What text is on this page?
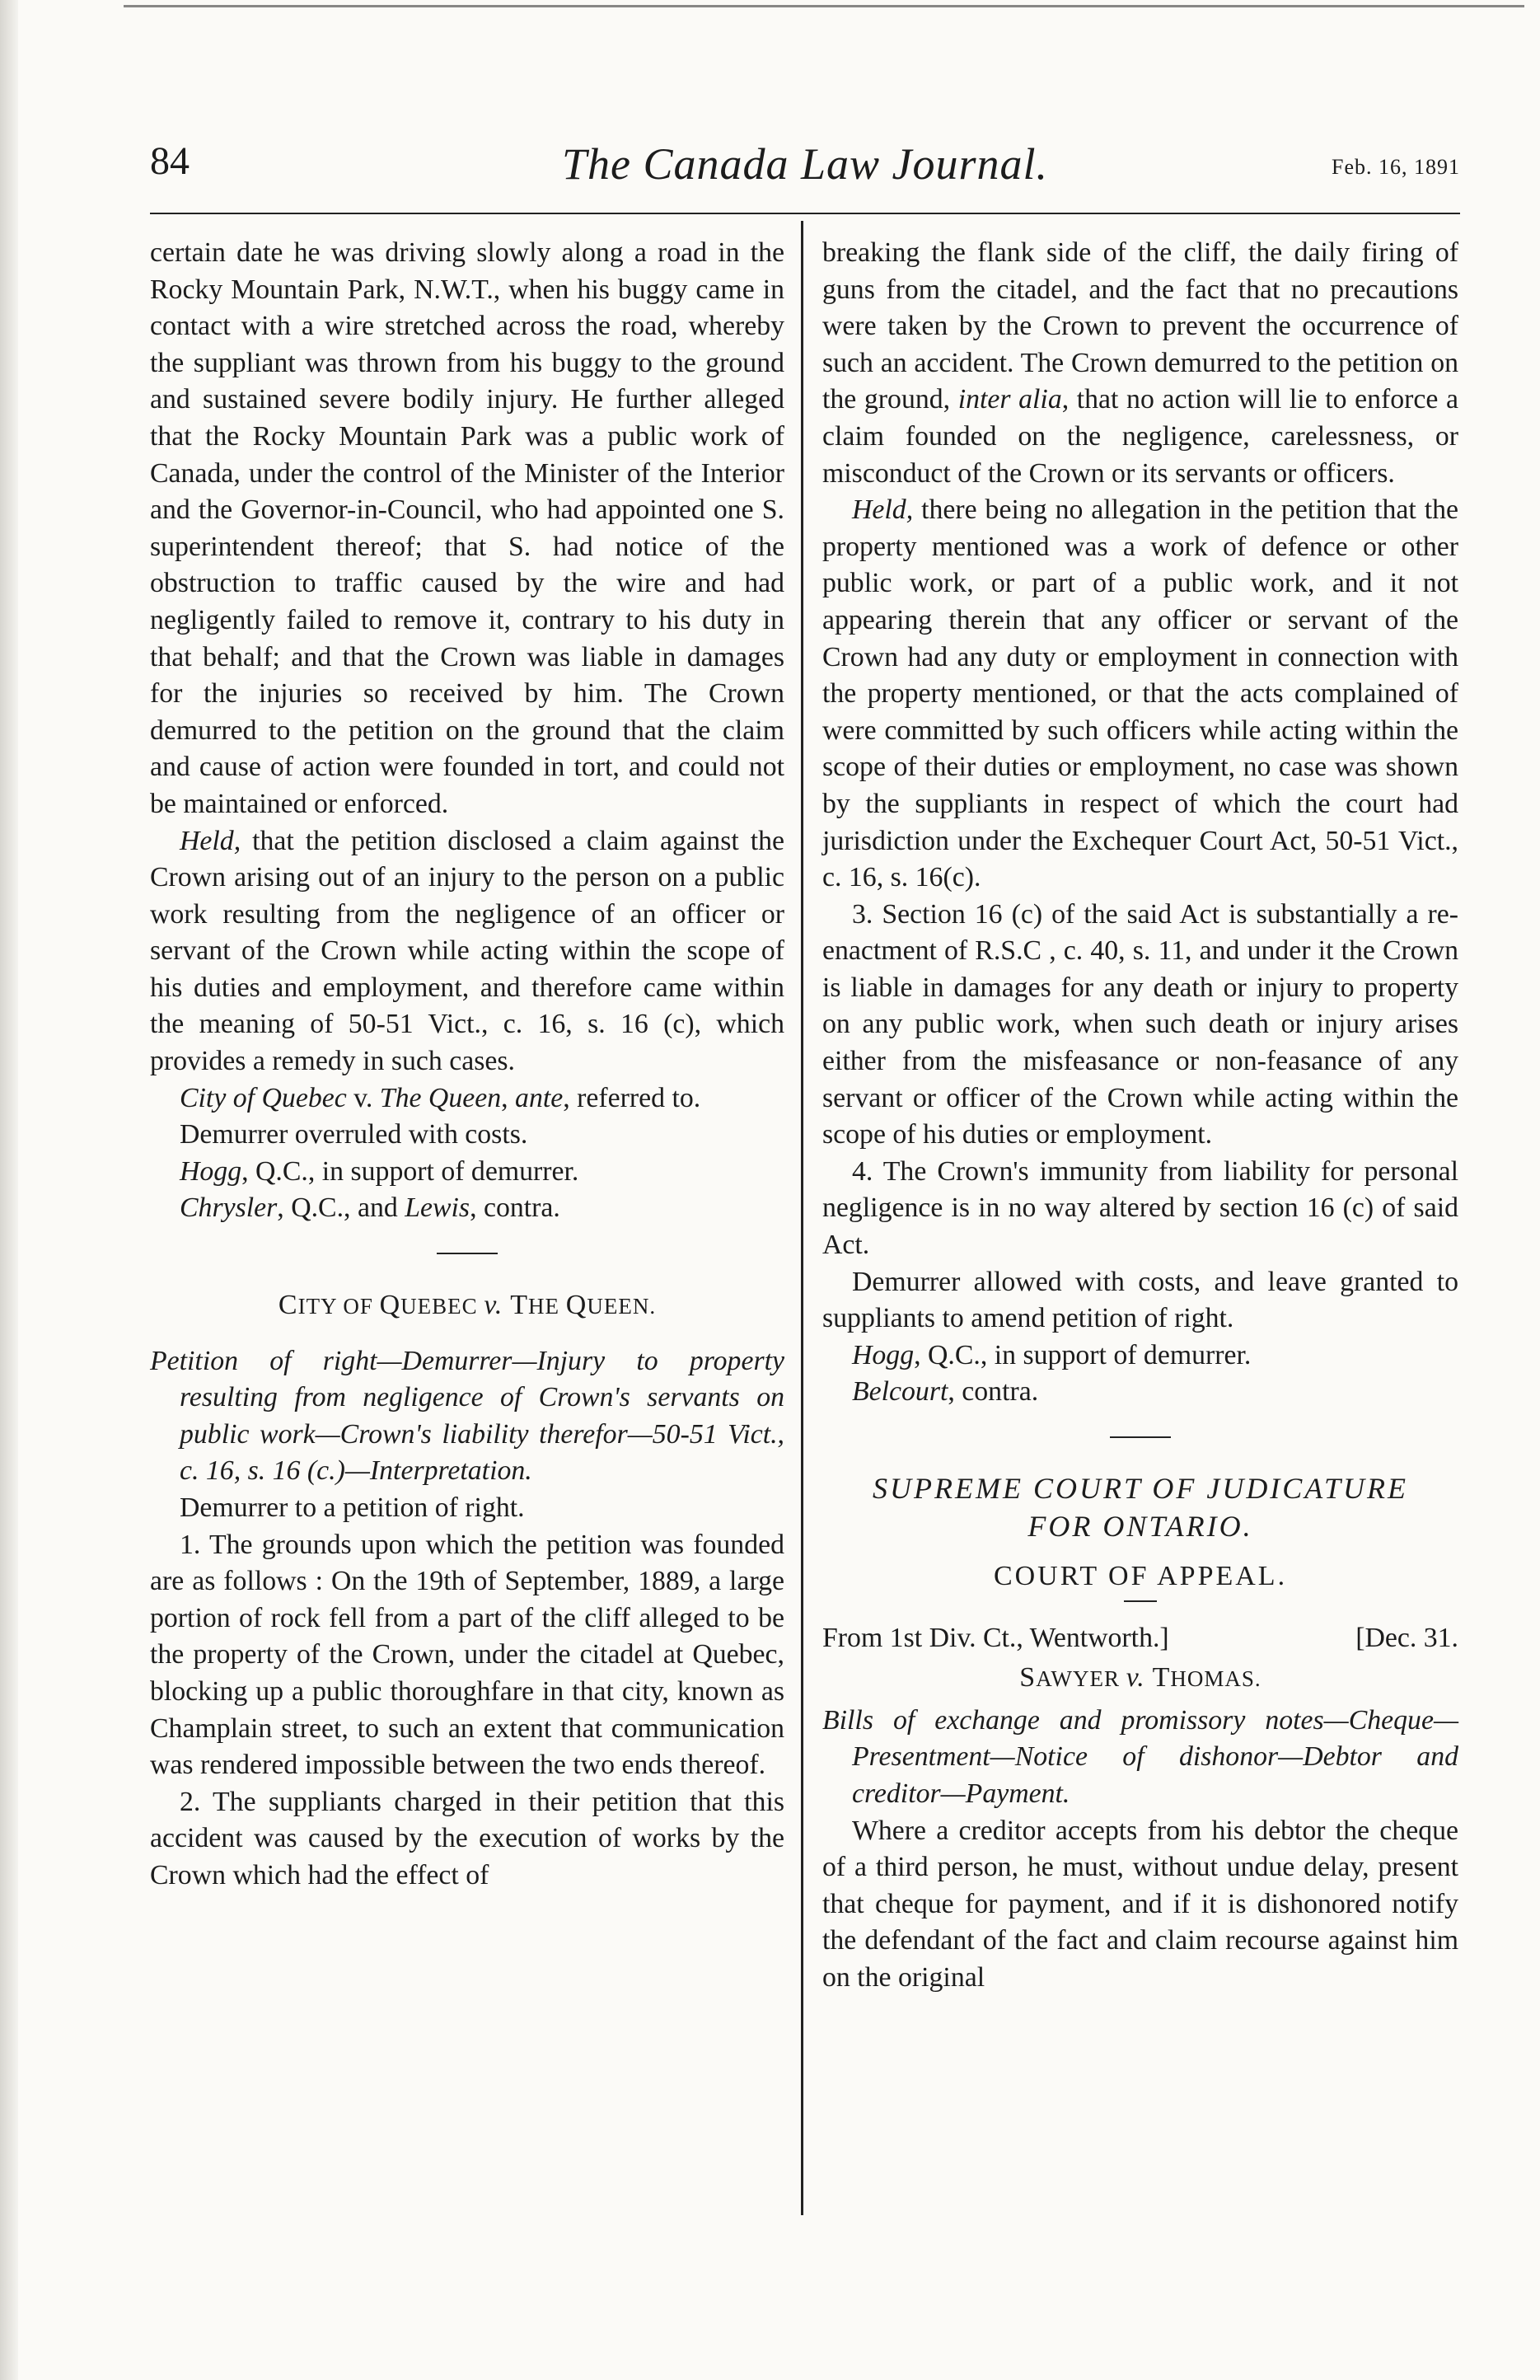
84	The Canada Law Journal.	Feb. 16, 1891

certain date he was driving slowly along a road in the Rocky Mountain Park, N.W.T., when his buggy came in contact with a wire stretched across the road, whereby the suppliant was thrown from his buggy to the ground and sustained severe bodily injury. He further alleged that the Rocky Mountain Park was a public work of Canada, under the control of the Minister of the Interior and the Governor-in-Council, who had appointed one S. superintendent thereof; that S. had notice of the obstruction to traffic caused by the wire and had negligently failed to remove it, contrary to his duty in that behalf; and that the Crown was liable in damages for the injuries so received by him. The Crown demurred to the petition on the ground that the claim and cause of action were founded in tort, and could not be maintained or enforced.

Held, that the petition disclosed a claim against the Crown arising out of an injury to the person on a public work resulting from the negligence of an officer or servant of the Crown while acting within the scope of his duties and employment, and therefore came within the meaning of 50-51 Vict., c. 16, s. 16 (c), which provides a remedy in such cases.

City of Quebec v. The Queen, ante, referred to.

Demurrer overruled with costs.

Hogg, Q.C., in support of demurrer.

Chrysler, Q.C., and Lewis, contra.

CITY OF QUEBEC v. THE QUEEN.

Petition of right—Demurrer—Injury to property resulting from negligence of Crown's servants on public work—Crown's liability therefor—50-51 Vict., c. 16, s. 16 (c.)—Interpretation.

Demurrer to a petition of right.

1. The grounds upon which the petition was founded are as follows : On the 19th of September, 1889, a large portion of rock fell from a part of the cliff alleged to be the property of the Crown, under the citadel at Quebec, blocking up a public thoroughfare in that city, known as Champlain street, to such an extent that communication was rendered impossible between the two ends thereof.

2. The suppliants charged in their petition that this accident was caused by the execution of works by the Crown which had the effect of

breaking the flank side of the cliff, the daily firing of guns from the citadel, and the fact that no precautions were taken by the Crown to prevent the occurrence of such an accident. The Crown demurred to the petition on the ground, inter alia, that no action will lie to enforce a claim founded on the negligence, carelessness, or misconduct of the Crown or its servants or officers.

Held, there being no allegation in the petition that the property mentioned was a work of defence or other public work, or part of a public work, and it not appearing therein that any officer or servant of the Crown had any duty or employment in connection with the property mentioned, or that the acts complained of were committed by such officers while acting within the scope of their duties or employment, no case was shown by the suppliants in respect of which the court had jurisdiction under the Exchequer Court Act, 50-51 Vict., c. 16, s. 16(c).

3. Section 16 (c) of the said Act is substantially a re-enactment of R.S.C , c. 40, s. 11, and under it the Crown is liable in damages for any death or injury to property on any public work, when such death or injury arises either from the misfeasance or non-feasance of any servant or officer of the Crown while acting within the scope of his duties or employment.

4. The Crown's immunity from liability for personal negligence is in no way altered by section 16 (c) of said Act.

Demurrer allowed with costs, and leave granted to suppliants to amend petition of right.

Hogg, Q.C., in support of demurrer.

Belcourt, contra.

SUPREME COURT OF JUDICATURE
FOR ONTARIO.
COURT OF APPEAL.
From 1st Div. Ct., Wentworth.]	[Dec. 31.
SAWYER v. THOMAS.

Bills of exchange and promissory notes—Cheque—Presentment—Notice of dishonor—Debtor and creditor—Payment.

Where a creditor accepts from his debtor the cheque of a third person, he must, without undue delay, present that cheque for payment, and if it is dishonored notify the defendant of the fact and claim recourse against him on the original
